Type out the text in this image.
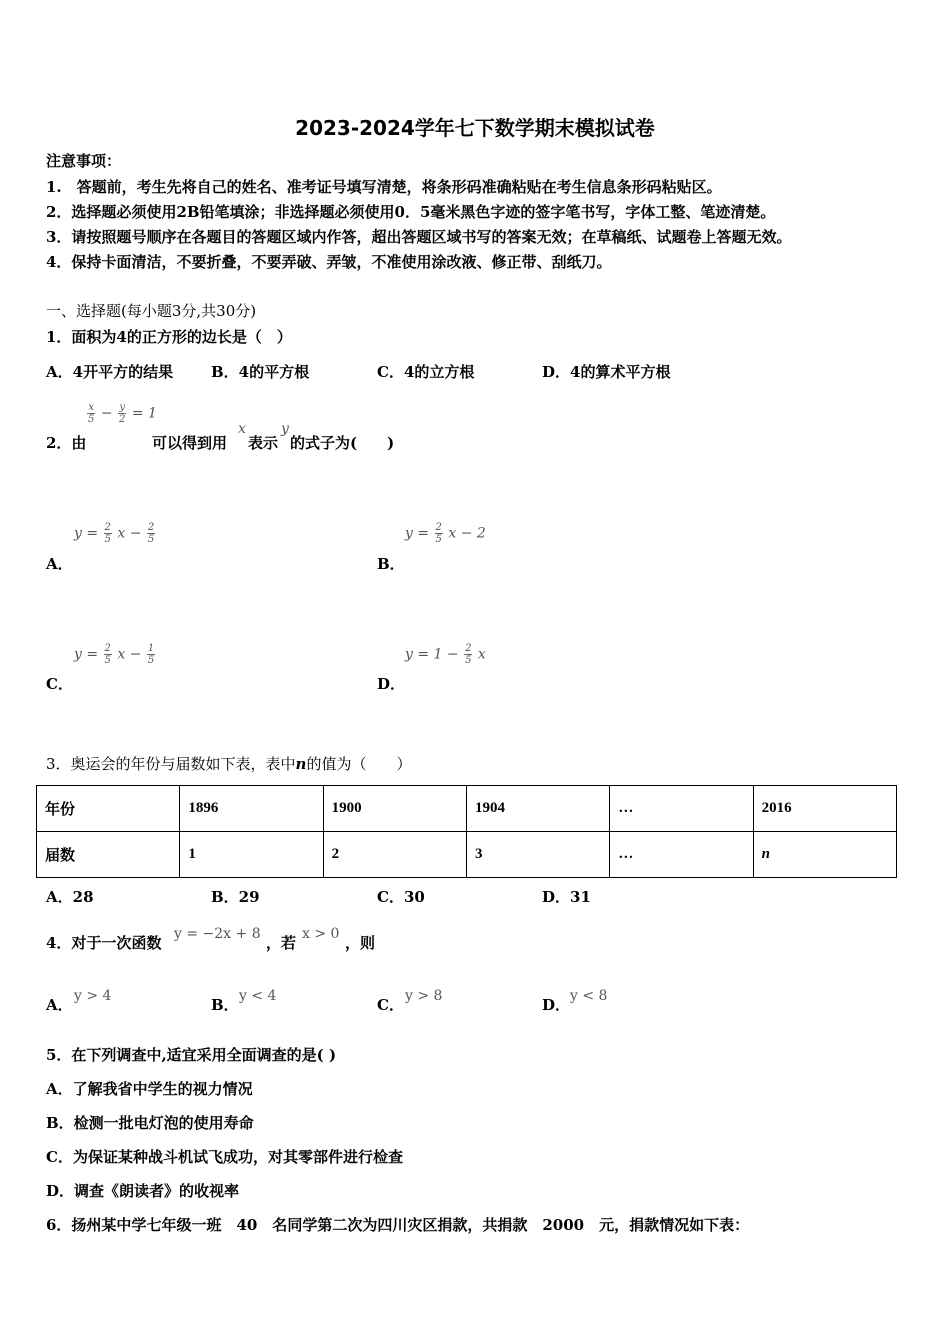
2023-2024学年七下数学期末模拟试卷
注意事项：
1.　答题前，考生先将自己的姓名、准考证号填写清楚，将条形码准确粘贴在考生信息条形码粘贴区。
2．选择题必须使用2B铅笔填涂；非选择题必须使用0．5毫米黑色字迹的签字笔书写，字体工整、笔迹清楚。
3．请按照题号顺序在各题目的答题区域内作答，超出答题区域书写的答案无效；在草稿纸、试题卷上答题无效。
4．保持卡面清洁，不要折叠，不要弄破、弄皱，不准使用涂改液、修正带、刮纸刀。
一、选择题(每小题3分,共30分)
1．面积为4的正方形的边长是（　）
A．4开平方的结果	B．4的平方根	C．4的立方根	D．4的算术平方根
$\frac{x}{5} - \frac{y}{2} = 1$
2．由	可以得到用
x
表示
y
的式子为(　　)
$y = \frac{2}{5}$ $x - \frac{2}{5}$
A．
$y = \frac{2}{5}$ x − 2
B．
$y = \frac{2}{5}$ $x - \frac{1}{5}$
C．
$y = 1 - \frac{2}{5}$ x
D．
3．奥运会的年份与届数如下表，表中n的值为（　　）
年份	1896	1900	1904	…	2016
届数	1	2	3	…	n
A．28	B．29	C．30	D．31
4．对于一次函数 y = −2x + 8 ，若 x > 0 ，则
A． y > 4	B． y < 4	C． y > 8	D． y < 8
5．在下列调查中,适宜采用全面调查的是( )
A．了解我省中学生的视力情况
B．检测一批电灯泡的使用寿命
C．为保证某种战斗机试飞成功，对其零部件进行检查
D．调查《朗读者》的收视率
6．扬州某中学七年级一班　40　名同学第二次为四川灾区捐款，共捐款　2000　元，捐款情况如下表：
